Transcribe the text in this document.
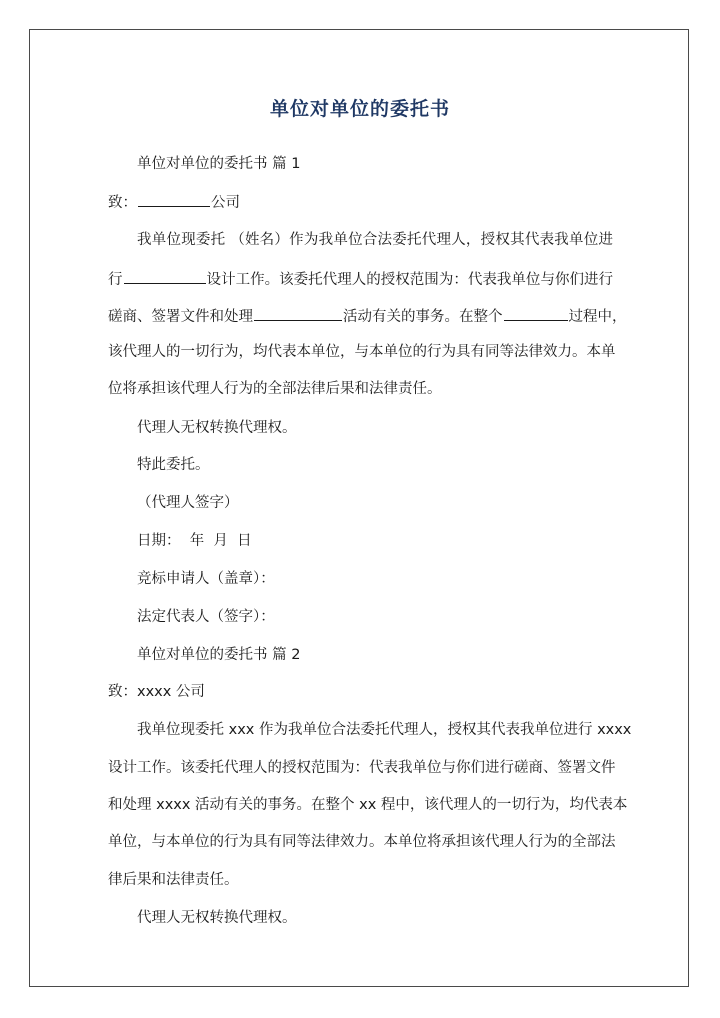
单位对单位的委托书
单位对单位的委托书 篇 1
致：	公司
我单位现委托 （姓名）作为我单位合法委托代理人，授权其代表我单位进
行	设计工作。该委托代理人的授权范围为：代表我单位与你们进行
磋商、签署文件和处理	活动有关的事务。在整个	过程中，
该代理人的一切行为，均代表本单位，与本单位的行为具有同等法律效力。本单
位将承担该代理人行为的全部法律后果和法律责任。
代理人无权转换代理权。
特此委托。
（代理人签字）
日期：  年  月  日
竞标申请人（盖章）：
法定代表人（签字）：
单位对单位的委托书 篇 2
致：xxxx 公司
我单位现委托 xxx 作为我单位合法委托代理人，授权其代表我单位进行 xxxx
设计工作。该委托代理人的授权范围为：代表我单位与你们进行磋商、签署文件
和处理 xxxx 活动有关的事务。在整个 xx 程中，该代理人的一切行为，均代表本
单位，与本单位的行为具有同等法律效力。本单位将承担该代理人行为的全部法
律后果和法律责任。
代理人无权转换代理权。
